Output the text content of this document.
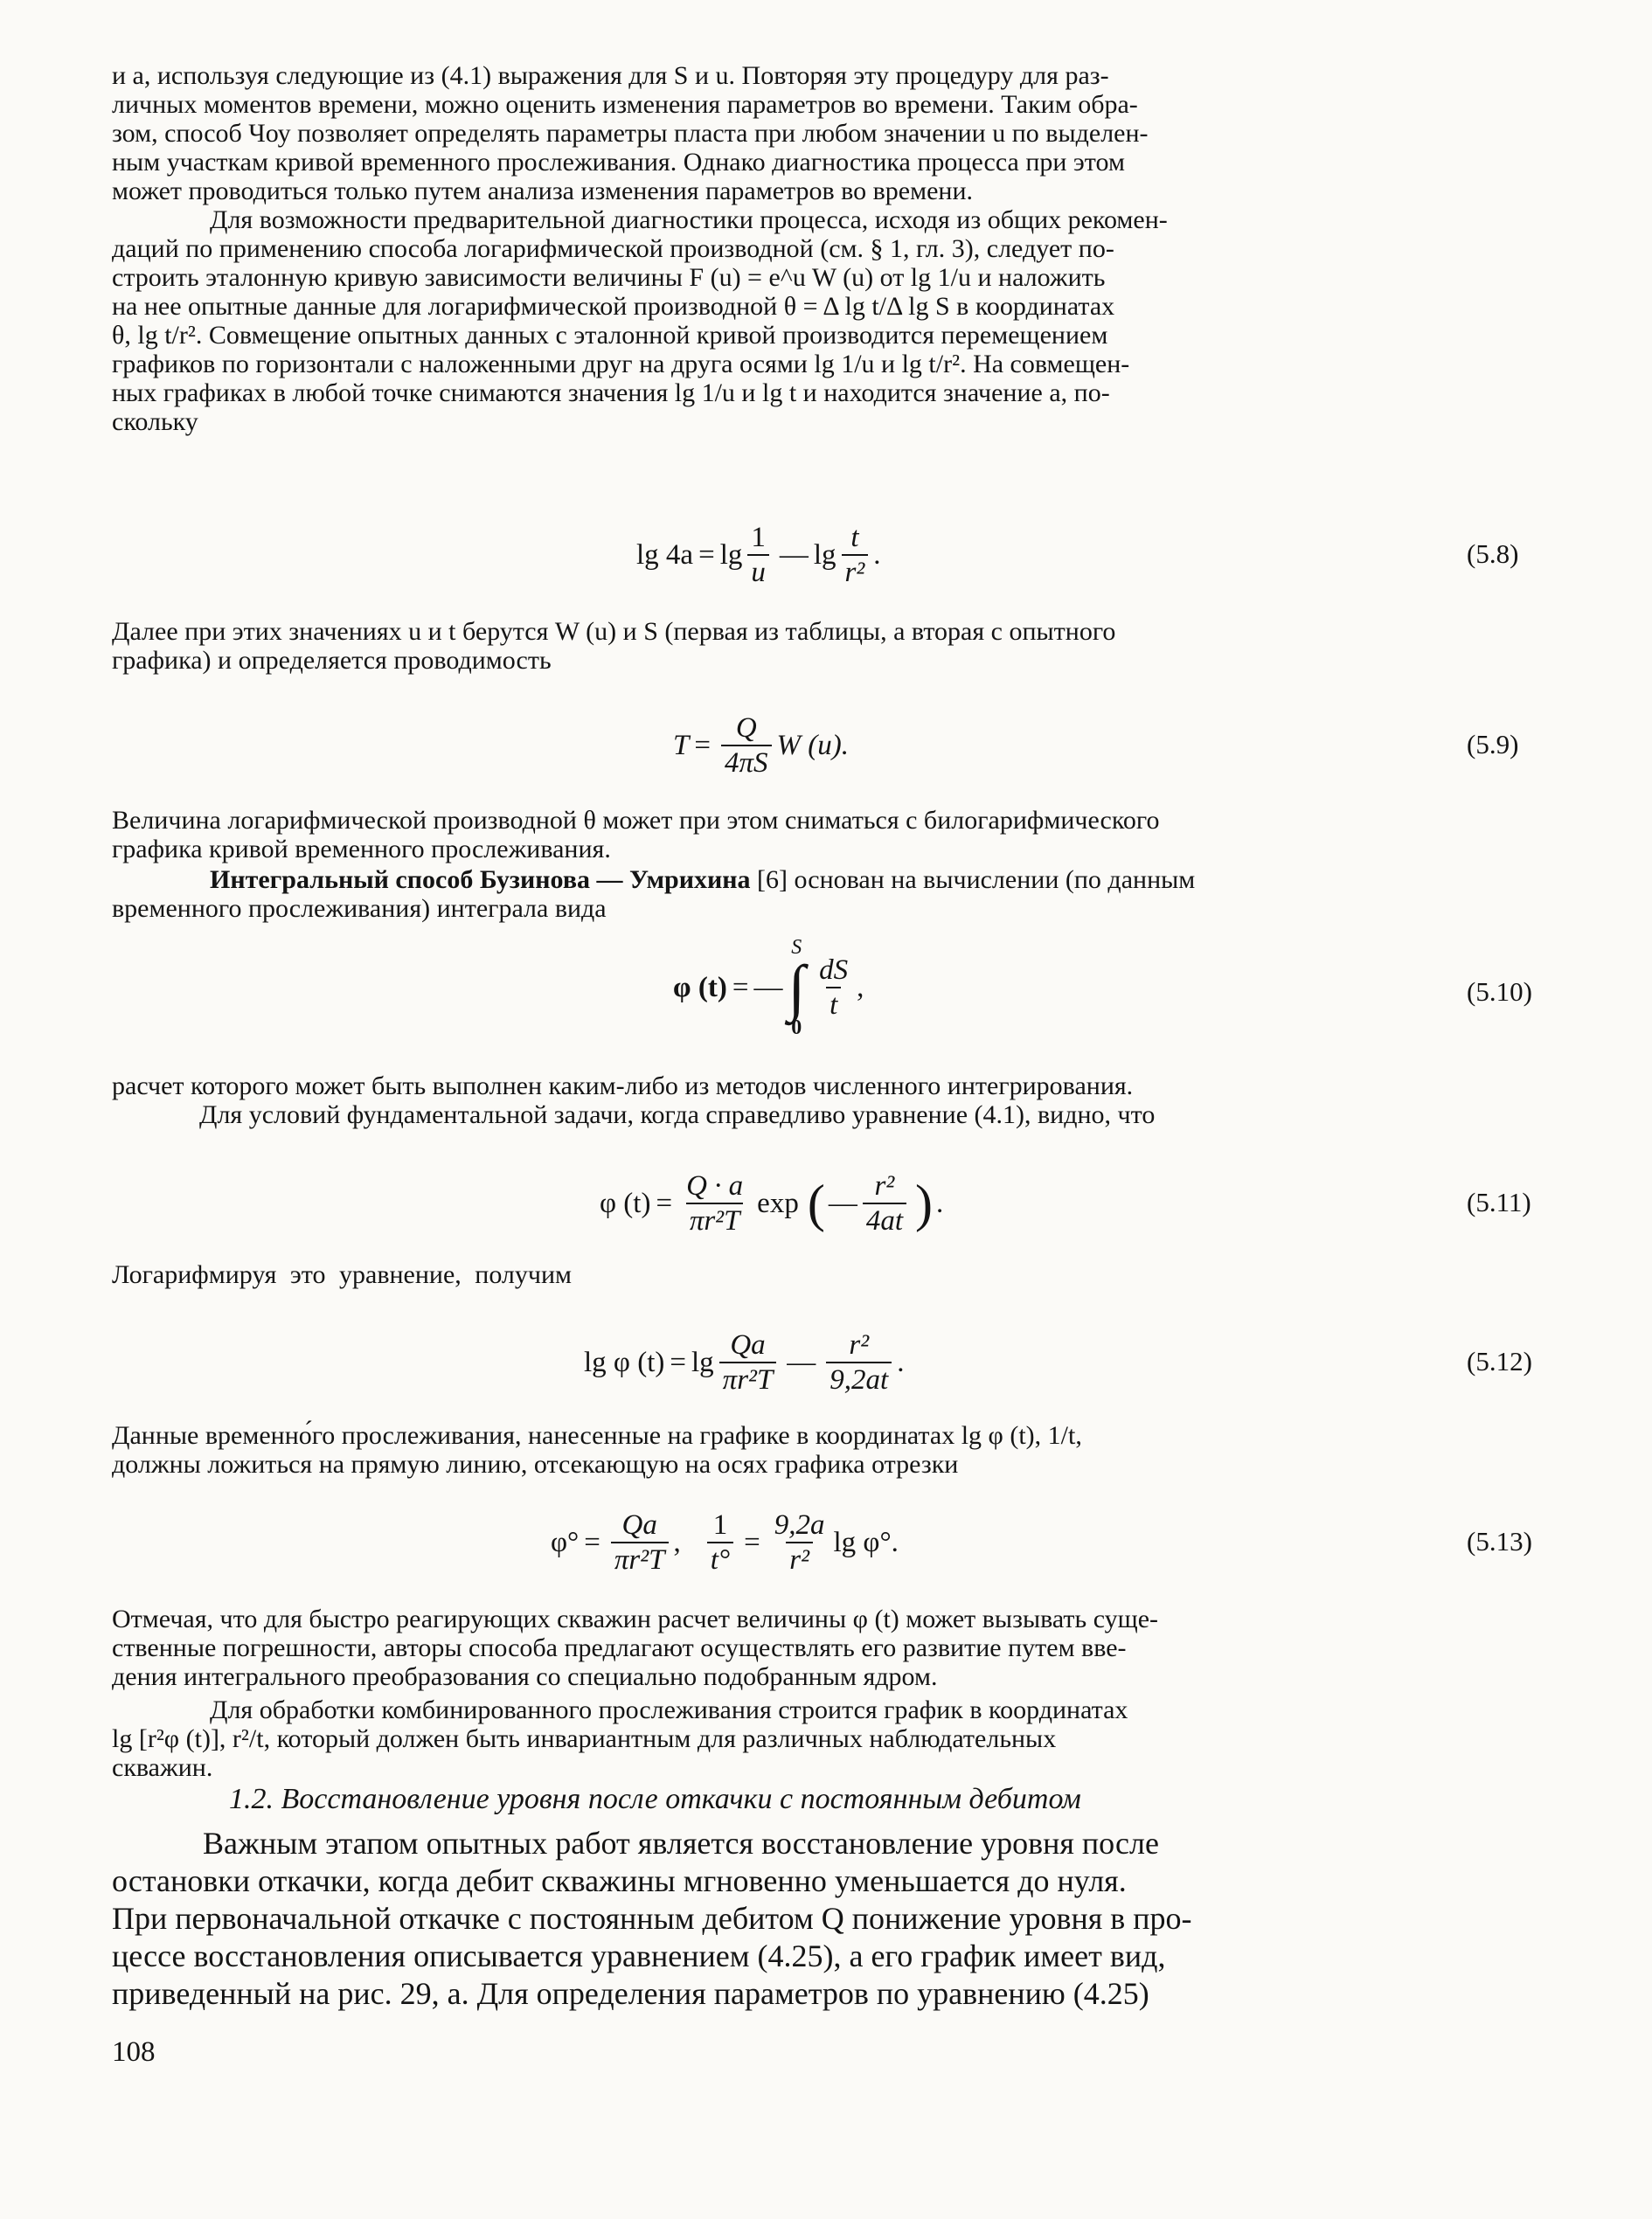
и a, используя следующие из (4.1) выражения для S и u. Повторяя эту процедуру для раз-
личных моментов времени, можно оценить изменения параметров во времени. Таким обра-
зом, способ Чоу позволяет определять параметры пласта при любом значении u по выделен-
ным участкам кривой временного прослеживания. Однако диагностика процесса при этом
может проводиться только путем анализа изменения параметров во времени.
Для возможности предварительной диагностики процесса, исходя из общих рекомен-
даций по применению способа логарифмической производной (см. § 1, гл. 3), следует по-
строить эталонную кривую зависимости величины F (u) = e^u W (u) от lg 1/u и наложить
на нее опытные данные для логарифмической производной θ = Δ lg t/Δ lg S в координатах
θ, lg t/r². Совмещение опытных данных с эталонной кривой производится перемещением
графиков по горизонтали с наложенными друг на друга осями lg 1/u и lg t/r². На совмещен-
ных графиках в любой точке снимаются значения lg 1/u и lg t и находится значение a, по-
скольку
$\lg 4a = \lg \frac{1}{u}$ — $\lg \frac{t}{\text{r²}}$ .	(5.8)
Далее при этих значениях u и t берутся W (u) и S (первая из таблицы, а вторая с опытного
графика) и определяется проводимость
$T = \frac{Q}{4\pi S}$ W (u).	(5.9)
Величина логарифмической производной θ может при этом сниматься с билогарифмического
графика кривой временного прослеживания.
Интегральный способ Бузинова — Умрихина [6] основан на вычислении (по данным
временного прослеживания) интеграла вида
φ (t) = —
S
∫
0
$\frac{dS}{t}$ ,	(5.10)
расчет которого может быть выполнен каким-либо из методов численного интегрирования.
Для условий фундаментальной задачи, когда справедливо уравнение (4.1), видно, что
φ $(t) = \frac{Q \cdot a}{\text{πr²T}}$ exp ( — $\frac{\text{r²}}{4at}$ ) .	(5.11)
Логарифмируя это уравнение, получим
lg φ $(t) = \lg \frac{Qa}{\text{πr²T}}$ — $\frac{\text{r²}}{9,2at}$ .	(5.12)
Данные временно́го прослеживания, нанесенные на графике в координатах lg φ (t), 1/t,
должны ложиться на прямую линию, отсекающую на осях графика отрезки
$\varphi^\circ = \frac{Qa}{\text{πr²T}}$ , $\frac{1}{t^\circ} = \frac{9,2a}{\text{r²}}$ lg φ°.	(5.13)
Отмечая, что для быстро реагирующих скважин расчет величины φ (t) может вызывать суще-
ственные погрешности, авторы способа предлагают осуществлять его развитие путем вве-
дения интегрального преобразования со специально подобранным ядром.
Для обработки комбинированного прослеживания строится график в координатах
lg [r²φ (t)], r²/t, который должен быть инвариантным для различных наблюдательных
скважин.
1.2. Восстановление уровня после откачки с постоянным дебитом
Важным этапом опытных работ является восстановление уровня после
остановки откачки, когда дебит скважины мгновенно уменьшается до нуля.
При первоначальной откачке с постоянным дебитом Q понижение уровня в про-
цессе восстановления описывается уравнением (4.25), а его график имеет вид,
приведенный на рис. 29, a. Для определения параметров по уравнению (4.25)
108
